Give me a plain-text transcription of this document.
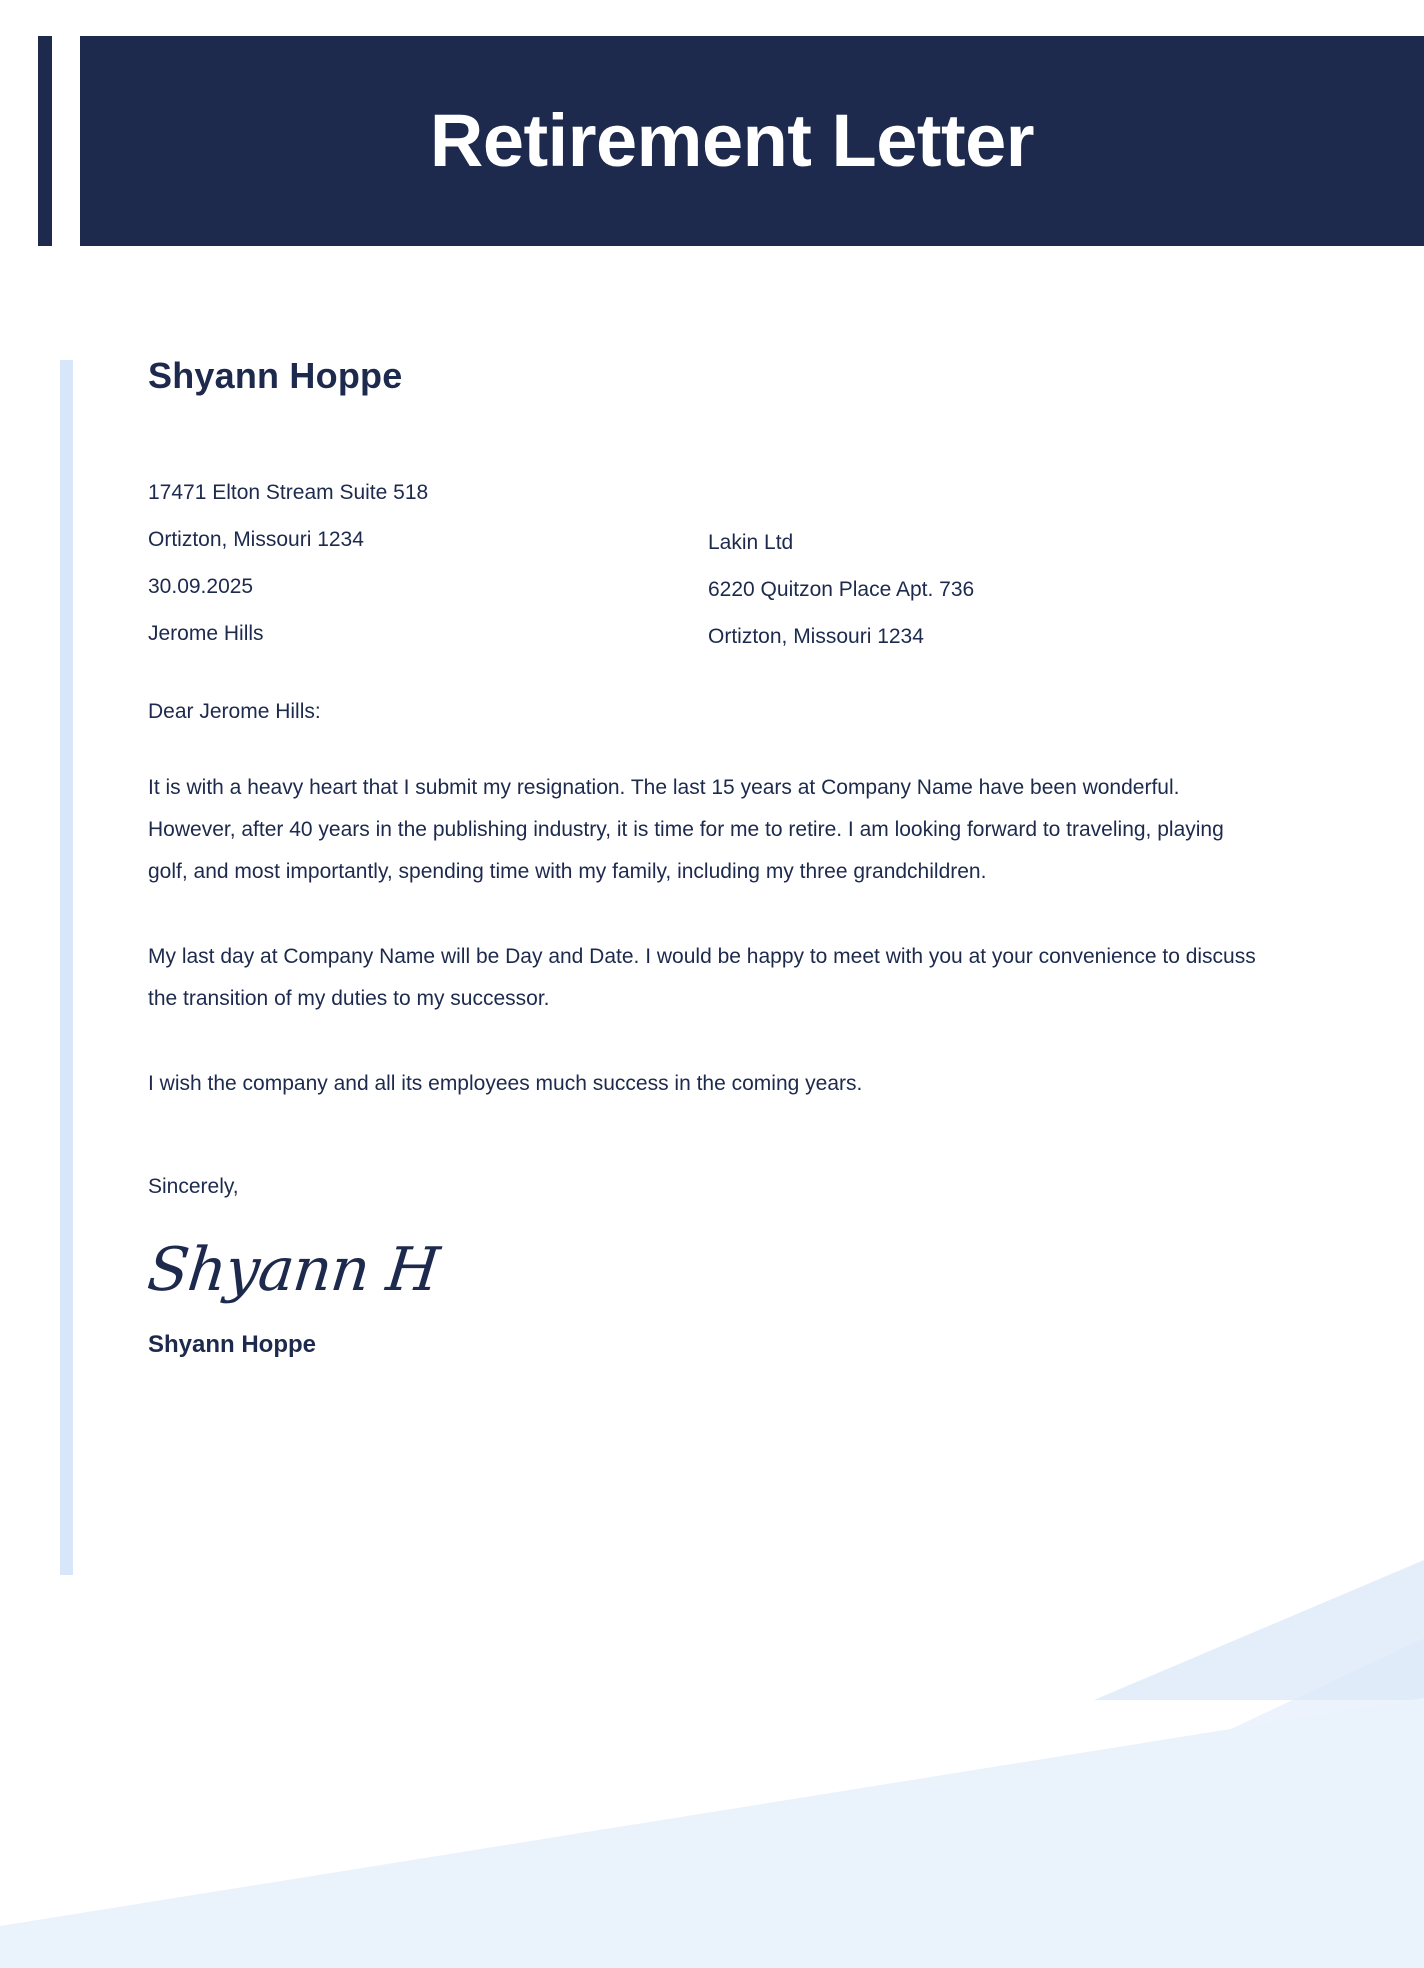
Retirement Letter
Shyann Hoppe
17471 Elton Stream Suite 518
Ortizton, Missouri 1234
30.09.2025
Jerome Hills
Lakin Ltd
6220 Quitzon Place Apt. 736
Ortizton, Missouri 1234
Dear Jerome Hills:
It is with a heavy heart that I submit my resignation. The last 15 years at Company Name have been wonderful. However, after 40 years in the publishing industry, it is time for me to retire. I am looking forward to traveling, playing golf, and most importantly, spending time with my family, including my three grandchildren.
My last day at Company Name will be Day and Date. I would be happy to meet with you at your convenience to discuss the transition of my duties to my successor.
I wish the company and all its employees much success in the coming years.
Sincerely,
Shyann H
Shyann Hoppe
